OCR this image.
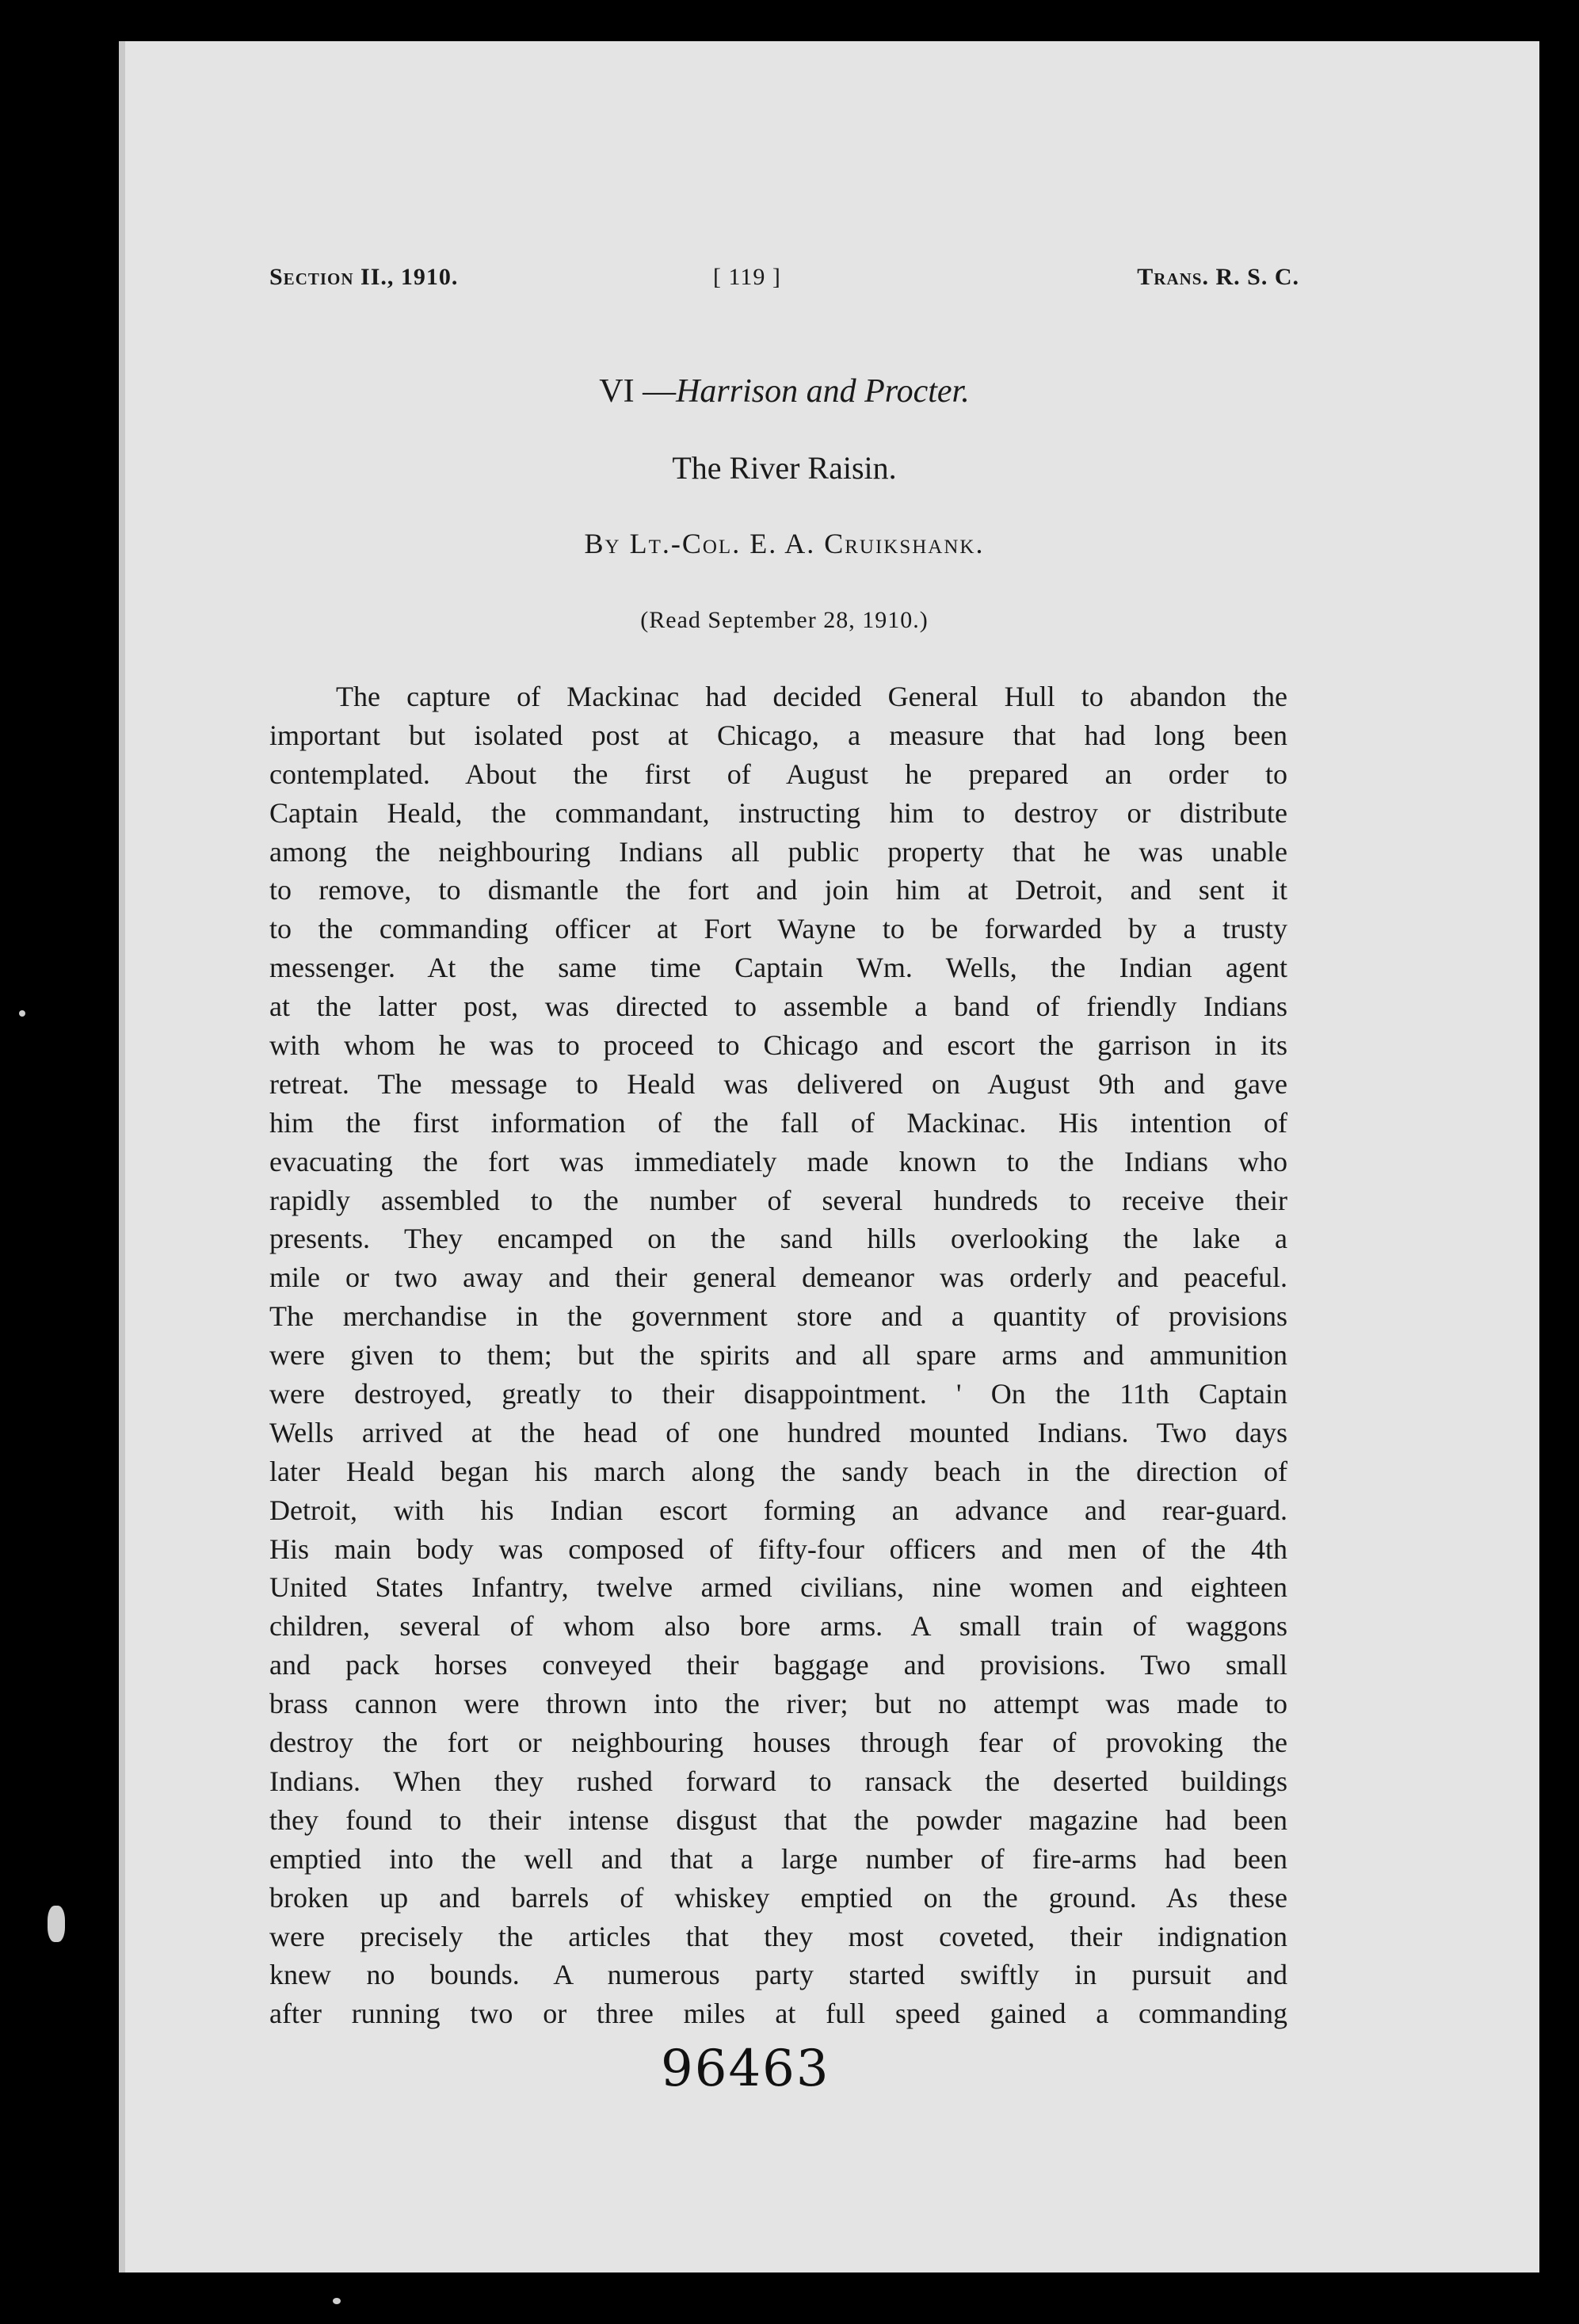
Section II., 1910.	[ 119 ]	Trans. R. S. C.
VI —Harrison and Procter.
The River Raisin.
By Lt.-Col. E. A. Cruikshank.
(Read September 28, 1910.)
The capture of Mackinac had decided General Hull to abandon the
important but isolated post at Chicago, a measure that had long been
contemplated. About the first of August he prepared an order to
Captain Heald, the commandant, instructing him to destroy or distribute
among the neighbouring Indians all public property that he was unable
to remove, to dismantle the fort and join him at Detroit, and sent it
to the commanding officer at Fort Wayne to be forwarded by a trusty
messenger. At the same time Captain Wm. Wells, the Indian agent
at the latter post, was directed to assemble a band of friendly Indians
with whom he was to proceed to Chicago and escort the garrison in its
retreat. The message to Heald was delivered on August 9th and gave
him the first information of the fall of Mackinac. His intention of
evacuating the fort was immediately made known to the Indians who
rapidly assembled to the number of several hundreds to receive their
presents. They encamped on the sand hills overlooking the lake a
mile or two away and their general demeanor was orderly and peaceful.
The merchandise in the government store and a quantity of provisions
were given to them; but the spirits and all spare arms and ammunition
were destroyed, greatly to their disappointment. ' On the 11th Captain
Wells arrived at the head of one hundred mounted Indians. Two days
later Heald began his march along the sandy beach in the direction of
Detroit, with his Indian escort forming an advance and rear-guard.
His main body was composed of fifty-four officers and men of the 4th
United States Infantry, twelve armed civilians, nine women and eighteen
children, several of whom also bore arms. A small train of waggons
and pack horses conveyed their baggage and provisions. Two small
brass cannon were thrown into the river; but no attempt was made to
destroy the fort or neighbouring houses through fear of provoking the
Indians. When they rushed forward to ransack the deserted buildings
they found to their intense disgust that the powder magazine had been
emptied into the well and that a large number of fire-arms had been
broken up and barrels of whiskey emptied on the ground. As these
were precisely the articles that they most coveted, their indignation
knew no bounds. A numerous party started swiftly in pursuit and
after running two or three miles at full speed gained a commanding
96463
